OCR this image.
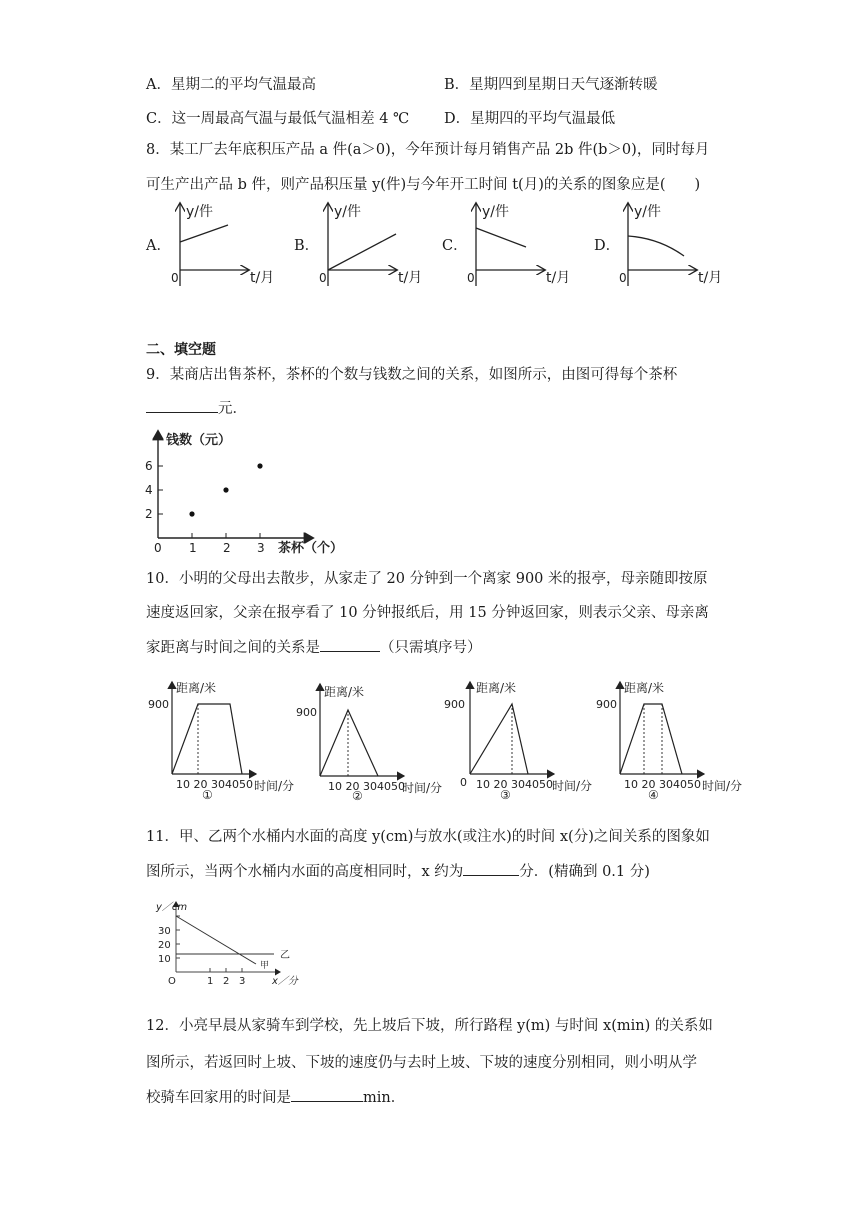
A．星期二的平均气温最高	B．星期四到星期日天气逐渐转暖
C．这一周最高气温与最低气温相差 4 ℃ D．星期四的平均气温最低
8．某工厂去年底积压产品 a 件(a＞0)，今年预计每月销售产品 2b 件(b＞0)，同时每月
可生产出产品 b 件，则产品积压量 y(件)与今年开工时间 t(月)的关系的图象应是(　　)
A．	B．	C．	D．
y/件
t/月
0
y/件
t/月
0
y/件
t/月
0
y/件
t/月
0
二、填空题
9．某商店出售茶杯，茶杯的个数与钱数之间的关系，如图所示，由图可得每个茶杯
元．
2
4
6
1 2 3
钱数（元）
茶杯（个）
0
10．小明的父母出去散步，从家走了 20 分钟到一个离家 900 米的报亭，母亲随即按原
速度返回家，父亲在报亭看了 10 分钟报纸后，用 15 分钟返回家，则表示父亲、母亲离
家距离与时间之间的关系是	（只需填序号）
距离/米
900
10 20 304050 时间/分
①
距离/米
900
10 20 304050
时间/分
②
距离/米
900
0 10 20 304050 时间/分
③
距离/米
900
10 20 304050 时间/分
④
11．甲、乙两个水桶内水面的高度 y(cm)与放水(或注水)的时间 x(分)之间关系的图象如
图所示，当两个水桶内水面的高度相同时，x 约为	分．(精确到 0.1 分)
y／cm
30
20
10
1 2 3
O	x／分
乙
甲
12．小亮早晨从家骑车到学校，先上坡后下坡，所行路程 y(m) 与时间 x(min) 的关系如
图所示，若返回时上坡、下坡的速度仍与去时上坡、下坡的速度分别相同，则小明从学
校骑车回家用的时间是	min．
